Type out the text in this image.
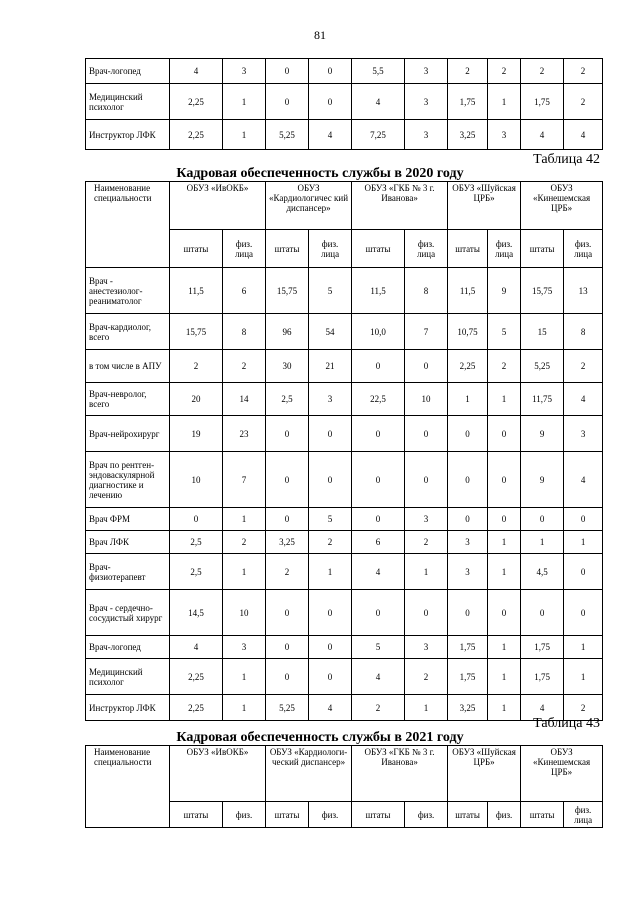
81
Врач-логопед	4	3	0	0	5,5	3	2	2	2	2
Медицинский психолог	2,25	1	0	0	4	3	1,75	1	1,75	2
Инструктор ЛФК	2,25	1	5,25	4	7,25	3	3,25	3	4	4
Таблица 42
Кадровая обеспеченность службы в 2020 году
Наименование специальности	ОБУЗ «ИвОКБ»		ОБУЗ «Кардиологичес кий диспансер»		ОБУЗ «ГКБ № 3 г. Иванова»		ОБУЗ «Шуйская ЦРБ»		ОБУЗ «Кинешемская ЦРБ»	
	штаты	физ. лица	штаты	физ. лица	штаты	физ. лица	штаты	физ. лица	штаты	физ. лица
Врач - анестезиолог-реаниматолог	11,5	6	15,75	5	11,5	8	11,5	9	15,75	13
Врач-кардиолог, всего	15,75	8	96	54	10,0	7	10,75	5	15	8
в том числе в АПУ	2	2	30	21	0	0	2,25	2	5,25	2
Врач-невролог, всего	20	14	2,5	3	22,5	10	1	1	11,75	4
Врач-нейрохирург	19	23	0	0	0	0	0	0	9	3
Врач по рентген-эндоваскулярной диагностике и лечению	10	7	0	0	0	0	0	0	9	4
Врач ФРМ	0	1	0	5	0	3	0	0	0	0
Врач ЛФК	2,5	2	3,25	2	6	2	3	1	1	1
Врач-физиотерапевт	2,5	1	2	1	4	1	3	1	4,5	0
Врач - сердечно-сосудистый хирург	14,5	10	0	0	0	0	0	0	0	0
Врач-логопед	4	3	0	0	5	3	1,75	1	1,75	1
Медицинский психолог	2,25	1	0	0	4	2	1,75	1	1,75	1
Инструктор ЛФК	2,25	1	5,25	4	2	1	3,25	1	4	2
Таблица 43
Кадровая обеспеченность службы в 2021 году
Наименование специальности	ОБУЗ «ИвОКБ»		ОБУЗ «Кардиологи-ческий диспансер»		ОБУЗ «ГКБ № 3 г. Иванова»		ОБУЗ «Шуйская ЦРБ»		ОБУЗ «Кинешемская ЦРБ»	
	штаты	физ.	штаты	физ.	штаты	физ.	штаты	физ.	штаты	физ. лица
